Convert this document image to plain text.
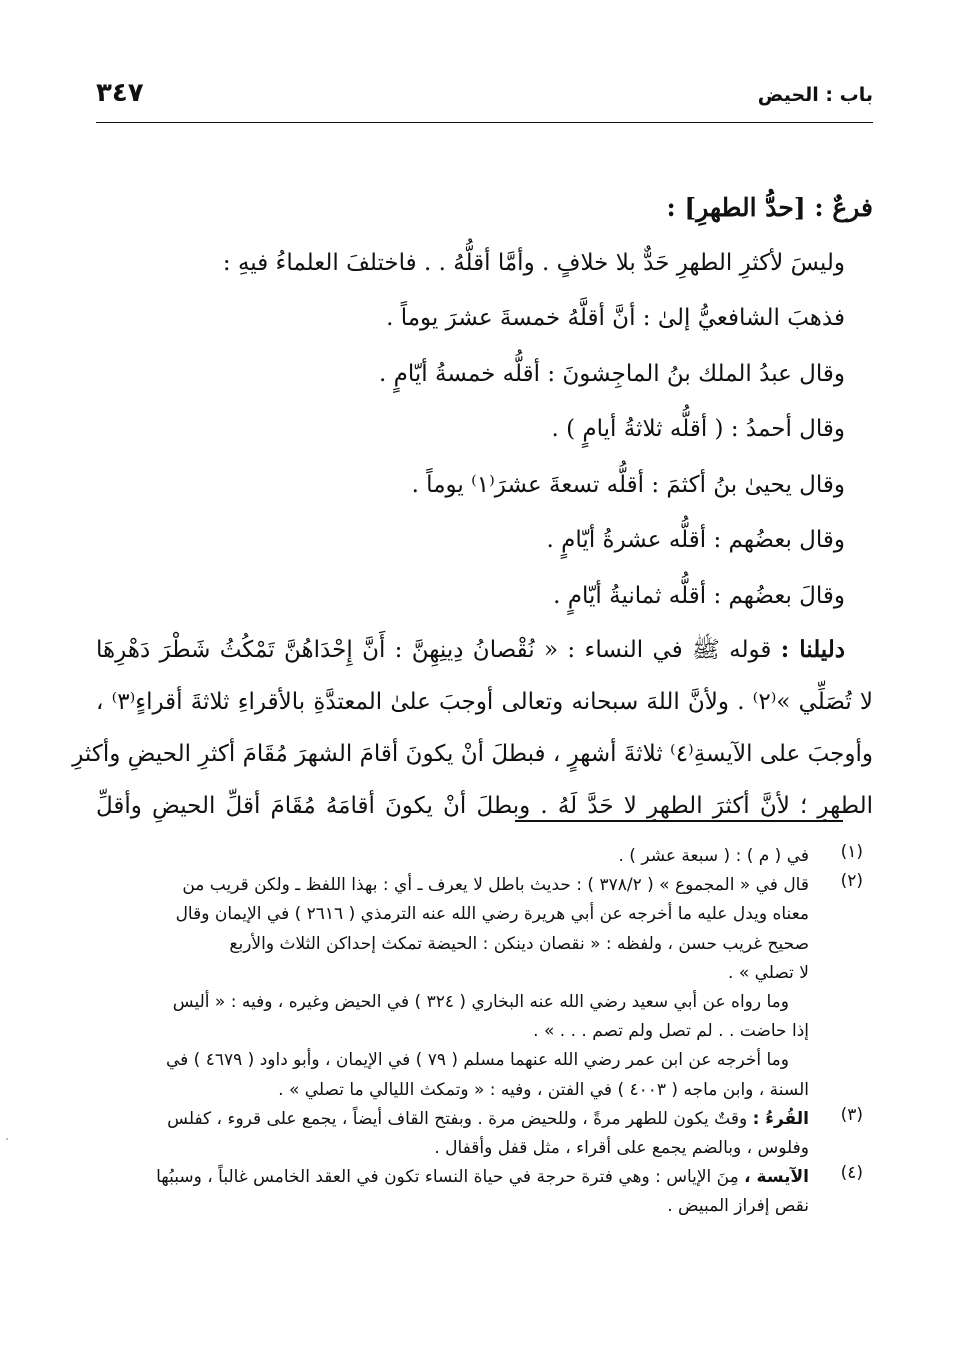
باب : الحيض
٣٤٧

فرعٌ : [حدُّ الطهرِ] :

وليسَ لأكثرِ الطهرِ حَدٌّ بلا خلافٍ . وأمَّا أقلُّهُ . . فاختلفَ العلماءُ فيهِ :

فذهبَ الشافعيُّ إلىٰ : أنَّ أقلَّهُ خمسةَ عشرَ يوماً .

وقال عبدُ الملك بنُ الماجِشونَ : أقلُّه خمسةُ أيّامٍ .

وقال أحمدُ : ( أقلُّه ثلاثةُ أيامٍ ) .

وقال يحيىٰ بنُ أكثمَ : أقلُّه تسعةَ عشرَ⁽١⁾ يوماً .

وقال بعضُهم : أقلُّه عشرةُ أيّامٍ .

وقالَ بعضُهم : أقلُّه ثمانيةُ أيّامٍ .

دليلنا : قوله ﷺ في النساء : « نُقْصانُ دِينِهِنَّ : أَنَّ إِحْدَاهُنَّ تَمْكُثُ شَطْرَ دَهْرِهَا
لا تُصَلِّي »⁽٢⁾ . ولأنَّ اللهَ سبحانه وتعالى أوجبَ علىٰ المعتدَّةِ بالأقراءِ ثلاثةَ أقراءٍ⁽٣⁾ ،
وأوجبَ على الآيسةِ⁽٤⁾ ثلاثةَ أشهرٍ ، فبطلَ أنْ يكونَ أقامَ الشهرَ مُقَامَ أكثرِ الحيضِ وأكثرِ
الطهرِ ؛ لأنَّ أكثرَ الطهرِ لا حَدَّ لَهُ . وبطلَ أنْ يكونَ أقامَهُ مُقَامَ أقلِّ الحيضِ وأقلِّ
(١)
في ( م ) : ( سبعة عشر ) .
(٢)
قال في « المجموع » ( ٣٧٨/٢ ) : حديث باطل لا يعرف ـ أي : بهذا اللفظ ـ ولكن قريب من
معناه ويدل عليه ما أخرجه عن أبي هريرة رضي الله عنه الترمذي ( ٢٦١٦ ) في الإيمان وقال
صحيح غريب حسن ، ولفظه : « نقصان دينكن : الحيضة تمكث إحداكن الثلاث والأربع
لا تصلي » .
وما رواه عن أبي سعيد رضي الله عنه البخاري ( ٣٢٤ ) في الحيض وغيره ، وفيه : « أليس
إذا حاضت . . لم تصل ولم تصم . . . » .
وما أخرجه عن ابن عمر رضي الله عنهما مسلم ( ٧٩ ) في الإيمان ، وأبو داود ( ٤٦٧٩ ) في
السنة ، وابن ماجه ( ٤٠٠٣ ) في الفتن ، وفيه : « وتمكث الليالي ما تصلي » .
(٣)
القُرءُ : وقتٌ يكون للطهر مرةً ، وللحيض مرة . وبفتح القاف أيضاً ، يجمع على قروء ، كفلس
وفلوس ، وبالضم يجمع على أقراء ، مثل قفل وأقفال .
(٤)
الآيسة ، مِنَ الإياس : وهي فترة حرجة في حياة النساء تكون في العقد الخامس غالباً ، وسببُها
نقص إفراز المبيض .
